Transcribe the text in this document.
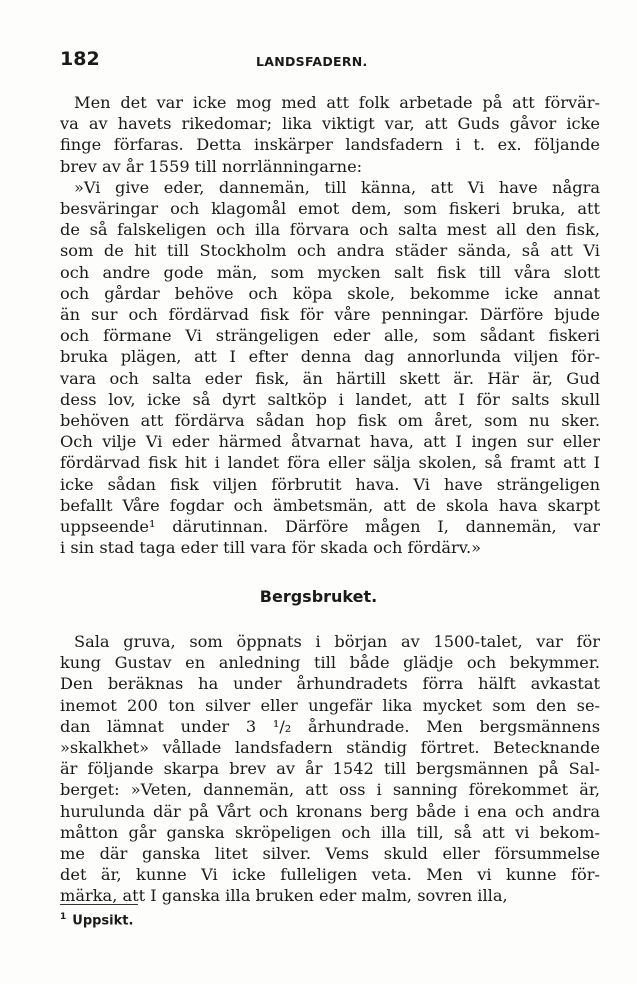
182	LANDSFADERN.
Men det var icke mog med att folk arbetade på att förvär-
va av havets rikedomar; lika viktigt var, att Guds gåvor icke
finge förfaras. Detta inskärper landsfadern i t. ex. följande
brev av år 1559 till norrlänningarne:
»Vi give eder, dannemän, till känna, att Vi have några
besväringar och klagomål emot dem, som fiskeri bruka, att
de så falskeligen och illa förvara och salta mest all den fisk,
som de hit till Stockholm och andra städer sända, så att Vi
och andre gode män, som mycken salt fisk till våra slott
och gårdar behöve och köpa skole, bekomme icke annat
än sur och fördärvad fisk för våre penningar. Därföre bjude
och förmane Vi strängeligen eder alle, som sådant fiskeri
bruka plägen, att I efter denna dag annorlunda viljen för-
vara och salta eder fisk, än härtill skett är. Här är, Gud
dess lov, icke så dyrt saltköp i landet, att I för salts skull
behöven att fördärva sådan hop fisk om året, som nu sker.
Och vilje Vi eder härmed åtvarnat hava, att I ingen sur eller
fördärvad fisk hit i landet föra eller sälja skolen, så framt att I
icke sådan fisk viljen förbrutit hava. Vi have strängeligen
befallt Våre fogdar och ämbetsmän, att de skola hava skarpt
uppseende¹ därutinnan. Därföre mågen I, dannemän, var
i sin stad taga eder till vara för skada och fördärv.»
Bergsbruket.
Sala gruva, som öppnats i början av 1500-talet, var för
kung Gustav en anledning till både glädje och bekymmer.
Den beräknas ha under århundradets förra hälft avkastat
inemot 200 ton silver eller ungefär lika mycket som den se-
dan lämnat under 3 ¹/₂ århundrade. Men bergsmännens
»skalkhet» vållade landsfadern ständig förtret. Betecknande
är följande skarpa brev av år 1542 till bergsmännen på Sal-
berget: »Veten, dannemän, att oss i sanning förekommet är,
hurulunda där på Vårt och kronans berg både i ena och andra
måtton går ganska skröpeligen och illa till, så att vi bekom-
me där ganska litet silver. Vems skuld eller försummelse
det är, kunne Vi icke fulleligen veta. Men vi kunne för-
märka, att I ganska illa bruken eder malm, sovren illa,
$^1$ Uppsikt.
